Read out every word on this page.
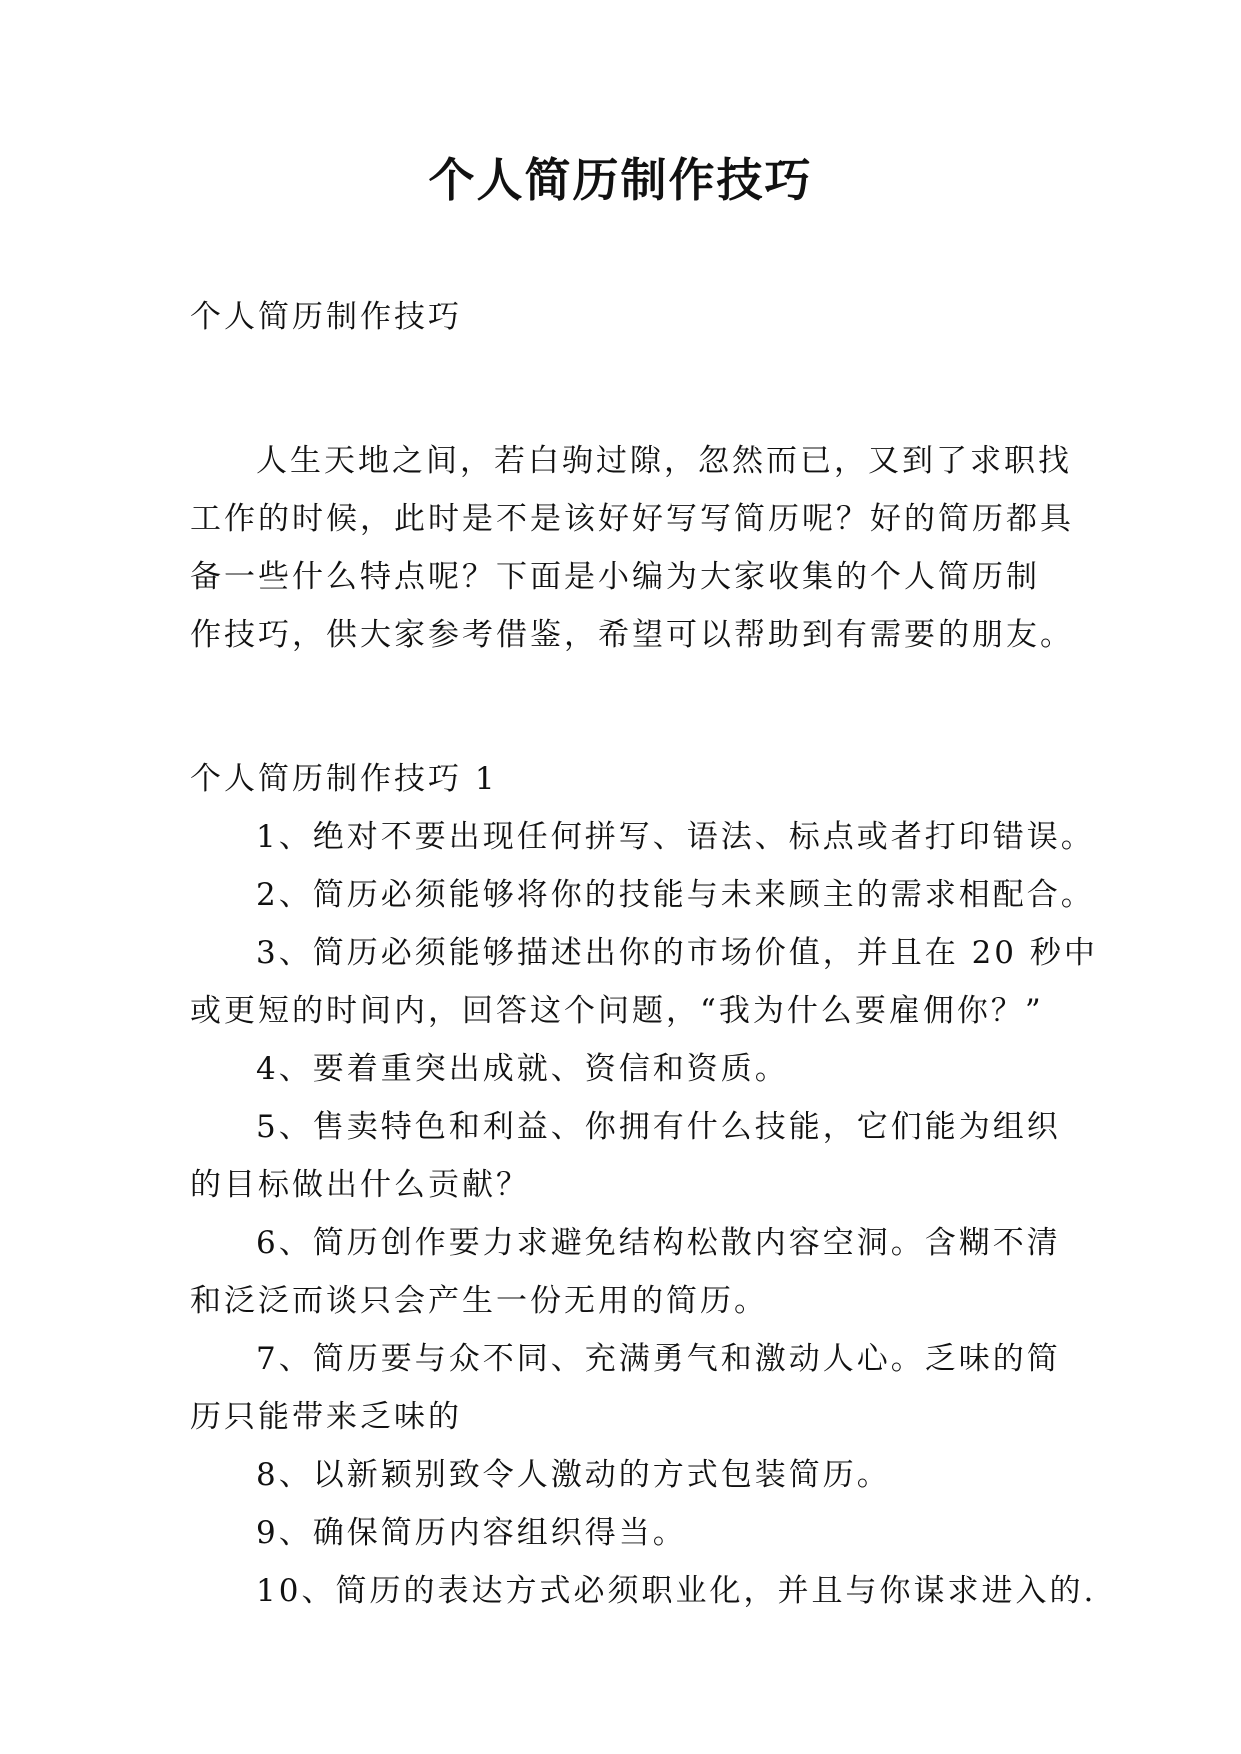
个人简历制作技巧
个人简历制作技巧
人生天地之间，若白驹过隙，忽然而已，又到了求职找
工作的时候，此时是不是该好好写写简历呢？好的简历都具
备一些什么特点呢？下面是小编为大家收集的个人简历制
作技巧，供大家参考借鉴，希望可以帮助到有需要的朋友。
个人简历制作技巧 1
1、绝对不要出现任何拼写、语法、标点或者打印错误。
2、简历必须能够将你的技能与未来顾主的需求相配合。
3、简历必须能够描述出你的市场价值，并且在 20 秒中
或更短的时间内，回答这个问题，“我为什么要雇佣你？”
4、要着重突出成就、资信和资质。
5、售卖特色和利益、你拥有什么技能，它们能为组织
的目标做出什么贡献？
6、简历创作要力求避免结构松散内容空洞。含糊不清
和泛泛而谈只会产生一份无用的简历。
7、简历要与众不同、充满勇气和激动人心。乏味的简
历只能带来乏味的
8、以新颖别致令人激动的方式包装简历。
9、确保简历内容组织得当。
10、简历的表达方式必须职业化，并且与你谋求进入的.
